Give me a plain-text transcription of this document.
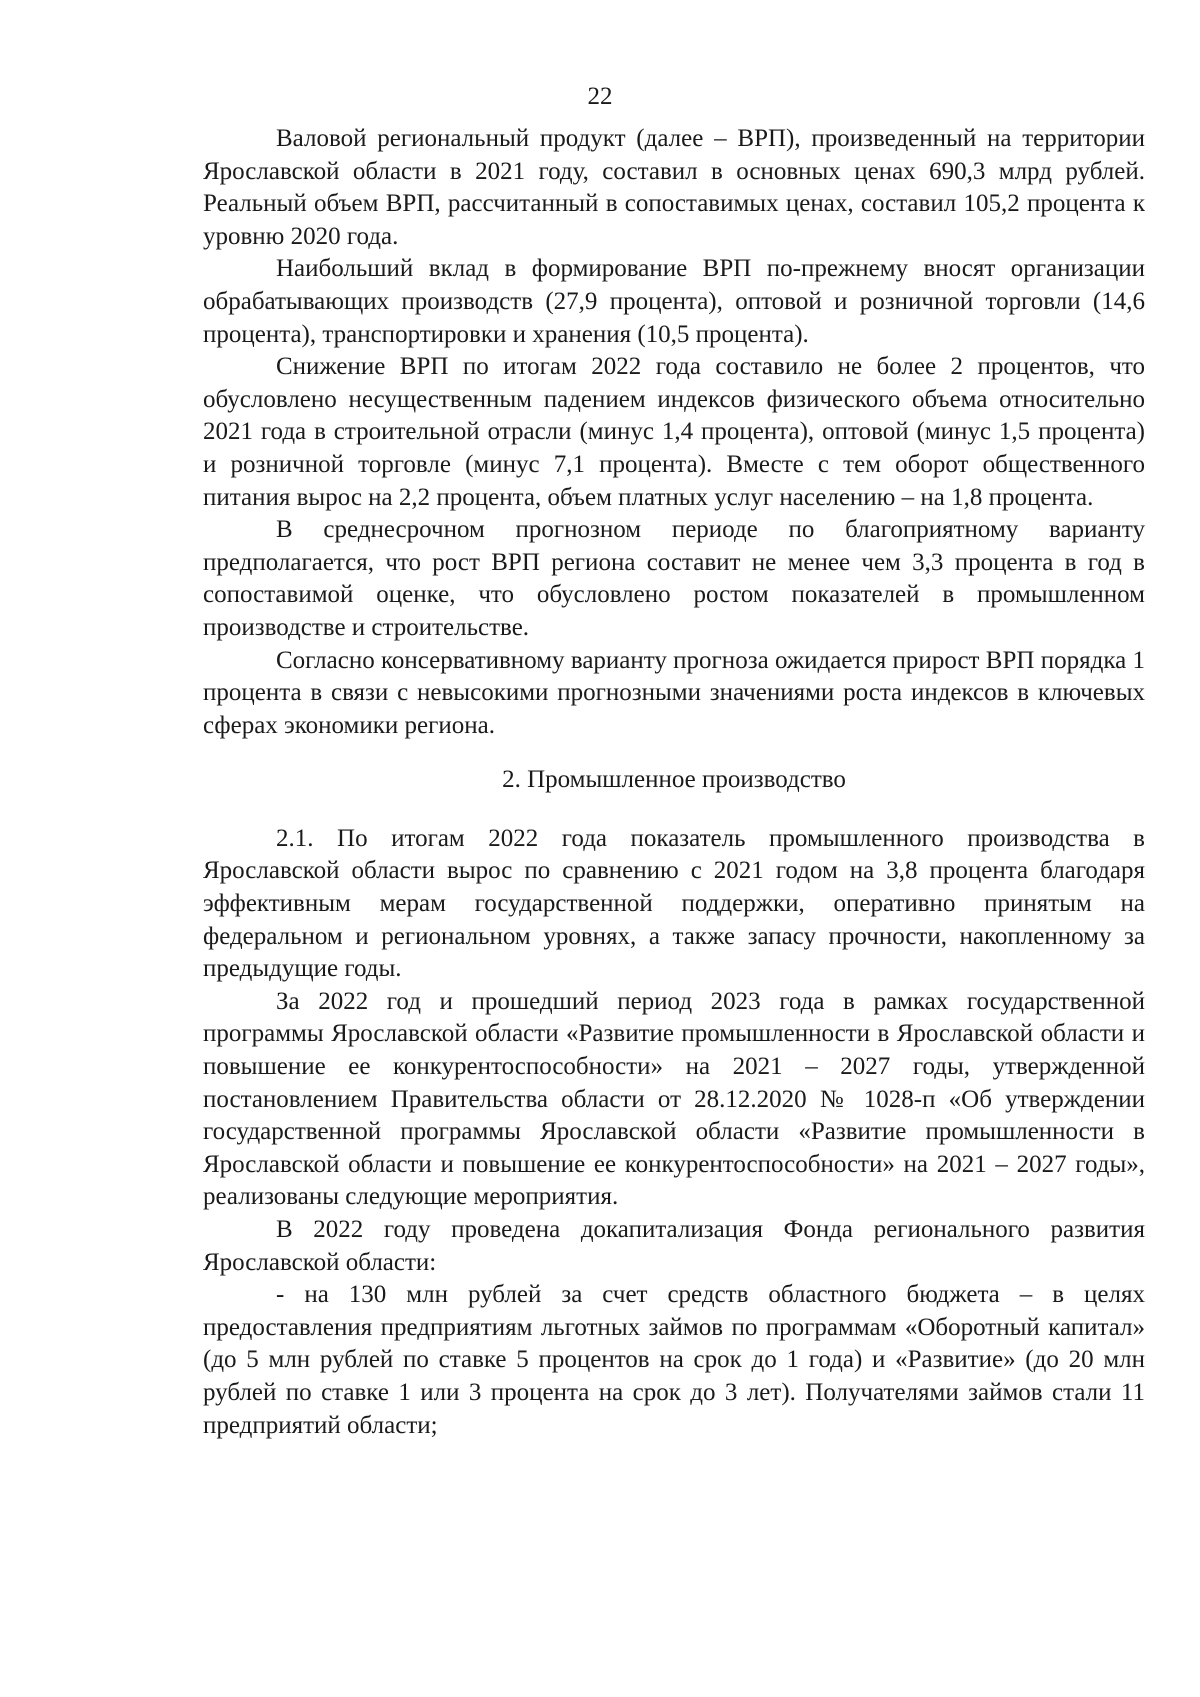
22

Валовой региональный продукт (далее – ВРП), произведенный на территории Ярославской области в 2021 году, составил в основных ценах 690,3 млрд рублей. Реальный объем ВРП, рассчитанный в сопоставимых ценах, составил 105,2 процента к уровню 2020 года.

Наибольший вклад в формирование ВРП по-прежнему вносят организации обрабатывающих производств (27,9 процента), оптовой и розничной торговли (14,6 процента), транспортировки и хранения (10,5 процента).

Снижение ВРП по итогам 2022 года составило не более 2 процентов, что обусловлено несущественным падением индексов физического объема относительно 2021 года в строительной отрасли (минус 1,4 процента), оптовой (минус 1,5 процента) и розничной торговле (минус 7,1 процента). Вместе с тем оборот общественного питания вырос на 2,2 процента, объем платных услуг населению – на 1,8 процента.

В среднесрочном прогнозном периоде по благоприятному варианту предполагается, что рост ВРП региона составит не менее чем 3,3 процента в год в сопоставимой оценке, что обусловлено ростом показателей в промышленном производстве и строительстве.

Согласно консервативному варианту прогноза ожидается прирост ВРП порядка 1 процента в связи с невысокими прогнозными значениями роста индексов в ключевых сферах экономики региона.

2. Промышленное производство

2.1. По итогам 2022 года показатель промышленного производства в Ярославской области вырос по сравнению с 2021 годом на 3,8 процента благодаря эффективным мерам государственной поддержки, оперативно принятым на федеральном и региональном уровнях, а также запасу прочности, накопленному за предыдущие годы.

За 2022 год и прошедший период 2023 года в рамках государственной программы Ярославской области «Развитие промышленности в Ярославской области и повышение ее конкурентоспособности» на 2021 – 2027 годы, утвержденной постановлением Правительства области от 28.12.2020 № 1028-п «Об утверждении государственной программы Ярославской области «Развитие промышленности в Ярославской области и повышение ее конкурентоспособности» на 2021 – 2027 годы», реализованы следующие мероприятия.

В 2022 году проведена докапитализация Фонда регионального развития Ярославской области:

- на 130 млн рублей за счет средств областного бюджета – в целях предоставления предприятиям льготных займов по программам «Оборотный капитал» (до 5 млн рублей по ставке 5 процентов на срок до 1 года) и «Развитие» (до 20 млн рублей по ставке 1 или 3 процента на срок до 3 лет). Получателями займов стали 11 предприятий области;
